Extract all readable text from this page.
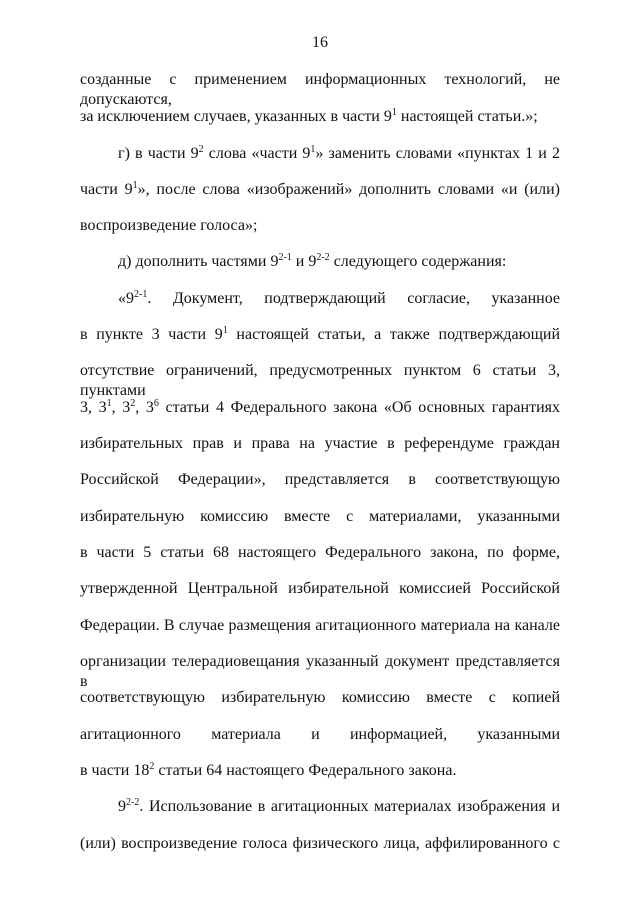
16
созданные с применением информационных технологий, не допускаются,
за исключением случаев, указанных в части $9^1$ настоящей статьи.»;
г) в части $9^2$ слова «части $9^1$» заменить словами «пунктах 1 и 2
части $9^1$», после слова «изображений» дополнить словами «и (или)
воспроизведение голоса»;
д) дополнить частями 9$^{2-1}$ и 9$^{2-2}$ следующего содержания:
«9$^{2-1}$. Документ, подтверждающий согласие, указанное
в пункте 3 части $9^1$ настоящей статьи, а также подтверждающий
отсутствие ограничений, предусмотренных пунктом 6 статьи 3, пунктами
3, $3^1$, $3^2$, $3^6$ статьи 4 Федерального закона «Об основных гарантиях
избирательных прав и права на участие в референдуме граждан
Российской Федерации», представляется в соответствующую
избирательную комиссию вместе с материалами, указанными
в части 5 статьи 68 настоящего Федерального закона, по форме,
утвержденной Центральной избирательной комиссией Российской
Федерации. В случае размещения агитационного материала на канале
организации телерадиовещания указанный документ представляется в
соответствующую избирательную комиссию вместе с копией
агитационного материала и информацией, указанными
в части $18^2$ статьи 64 настоящего Федерального закона.
9$^{2-2}$. Использование в агитационных материалах изображения и
(или) воспроизведение голоса физического лица, аффилированного с
